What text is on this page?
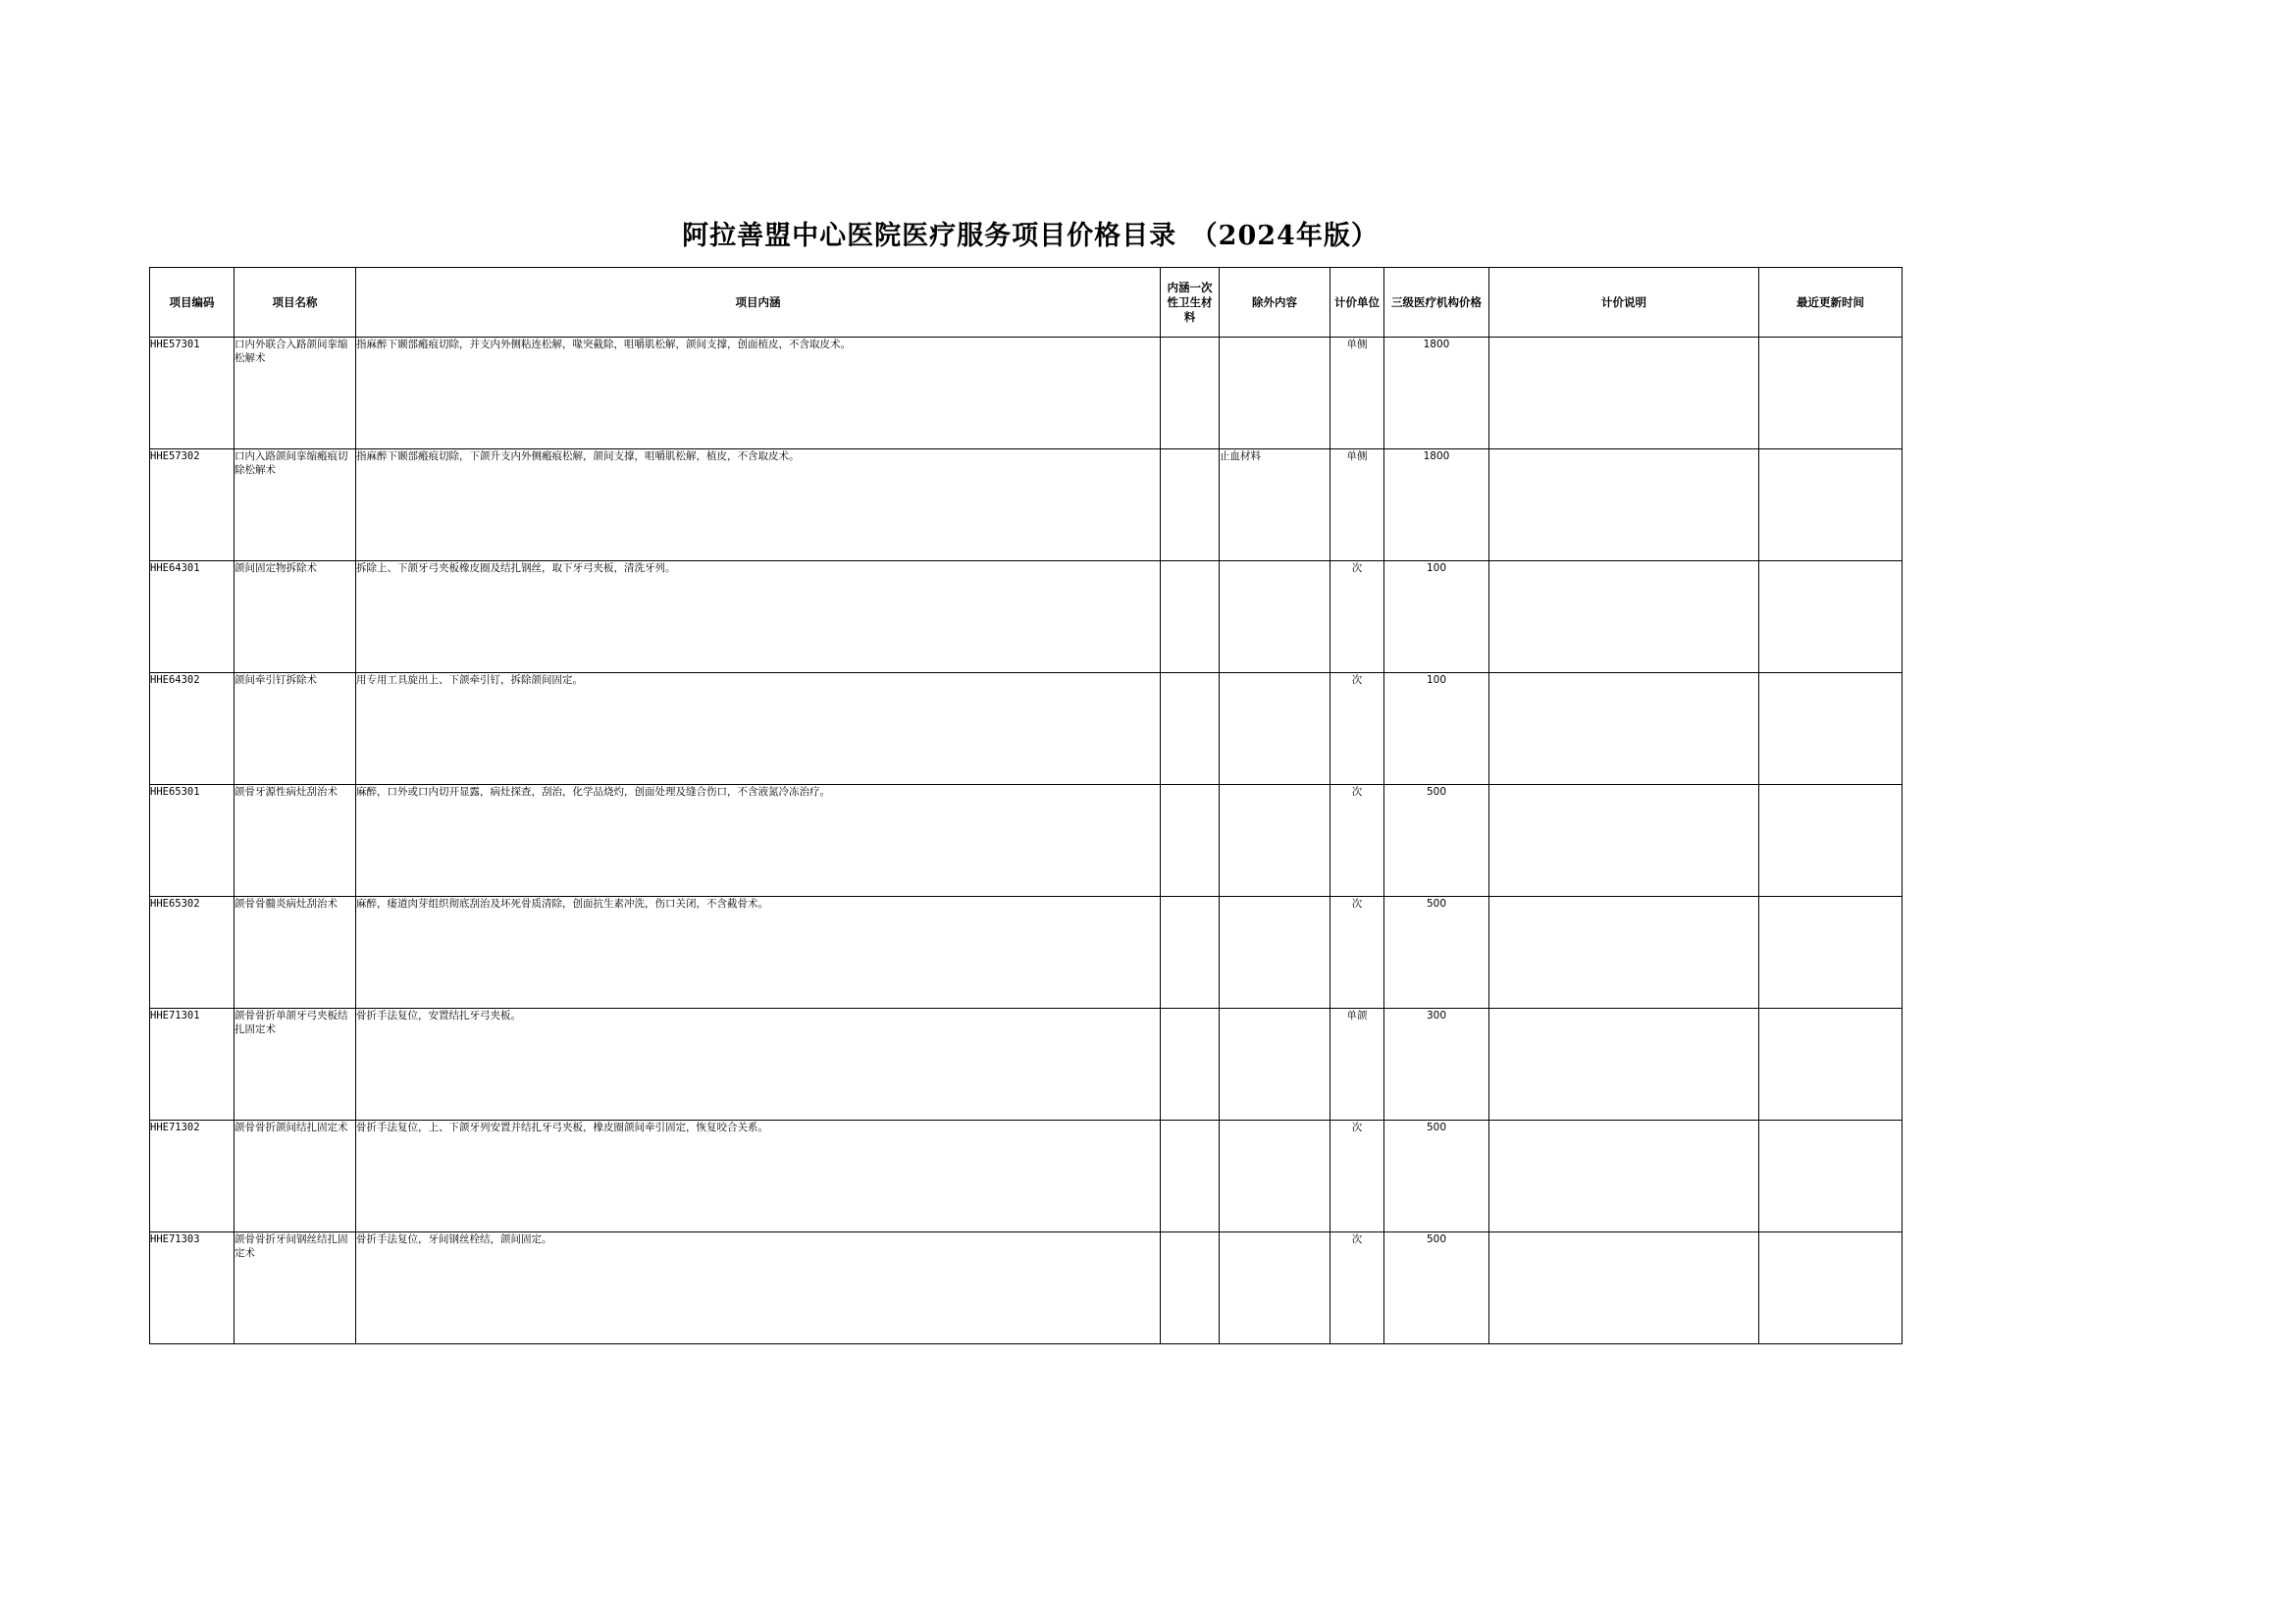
阿拉善盟中心医院医疗服务项目价格目录　（2024年版）
项目编码	项目名称	项目内涵	内涵一次性卫生材料	除外内容	计价单位	三级医疗机构价格	计价说明	最近更新时间
HHE57301	口内外联合入路颌间挛缩松解术	指麻醉下颞部瘢痕切除，并支内外侧粘连松解，喙突截除，咀嚼肌松解，颌间支撑，创面植皮，不含取皮术。			单侧	1800		
HHE57302	口内入路颌间挛缩瘢痕切除松解术	指麻醉下颞部瘢痕切除，下颌升支内外侧瘢痕松解，颌间支撑，咀嚼肌松解，植皮，不含取皮术。		止血材料	单侧	1800		
HHE64301	颌间固定物拆除术	拆除上、下颌牙弓夹板橡皮圈及结扎钢丝，取下牙弓夹板，清洗牙列。			次	100		
HHE64302	颌间牵引钉拆除术	用专用工具旋出上、下颌牵引钉，拆除颌间固定。			次	100		
HHE65301	颌骨牙源性病灶刮治术	麻醉，口外或口内切开显露，病灶探查，刮治，化学品烧灼，创面处理及缝合伤口，不含液氮冷冻治疗。			次	500		
HHE65302	颌骨骨髓炎病灶刮治术	麻醉，瘘道肉芽组织彻底刮治及坏死骨质清除，创面抗生素冲洗，伤口关闭，不含截骨术。			次	500		
HHE71301	颌骨骨折单颌牙弓夹板结扎固定术	骨折手法复位，安置结扎牙弓夹板。			单颌	300		
HHE71302	颌骨骨折颌间结扎固定术	骨折手法复位，上、下颌牙列安置并结扎牙弓夹板，橡皮圈颌间牵引固定，恢复咬合关系。			次	500		
HHE71303	颌骨骨折牙间钢丝结扎固定术	骨折手法复位，牙间钢丝栓结，颌间固定。			次	500		
